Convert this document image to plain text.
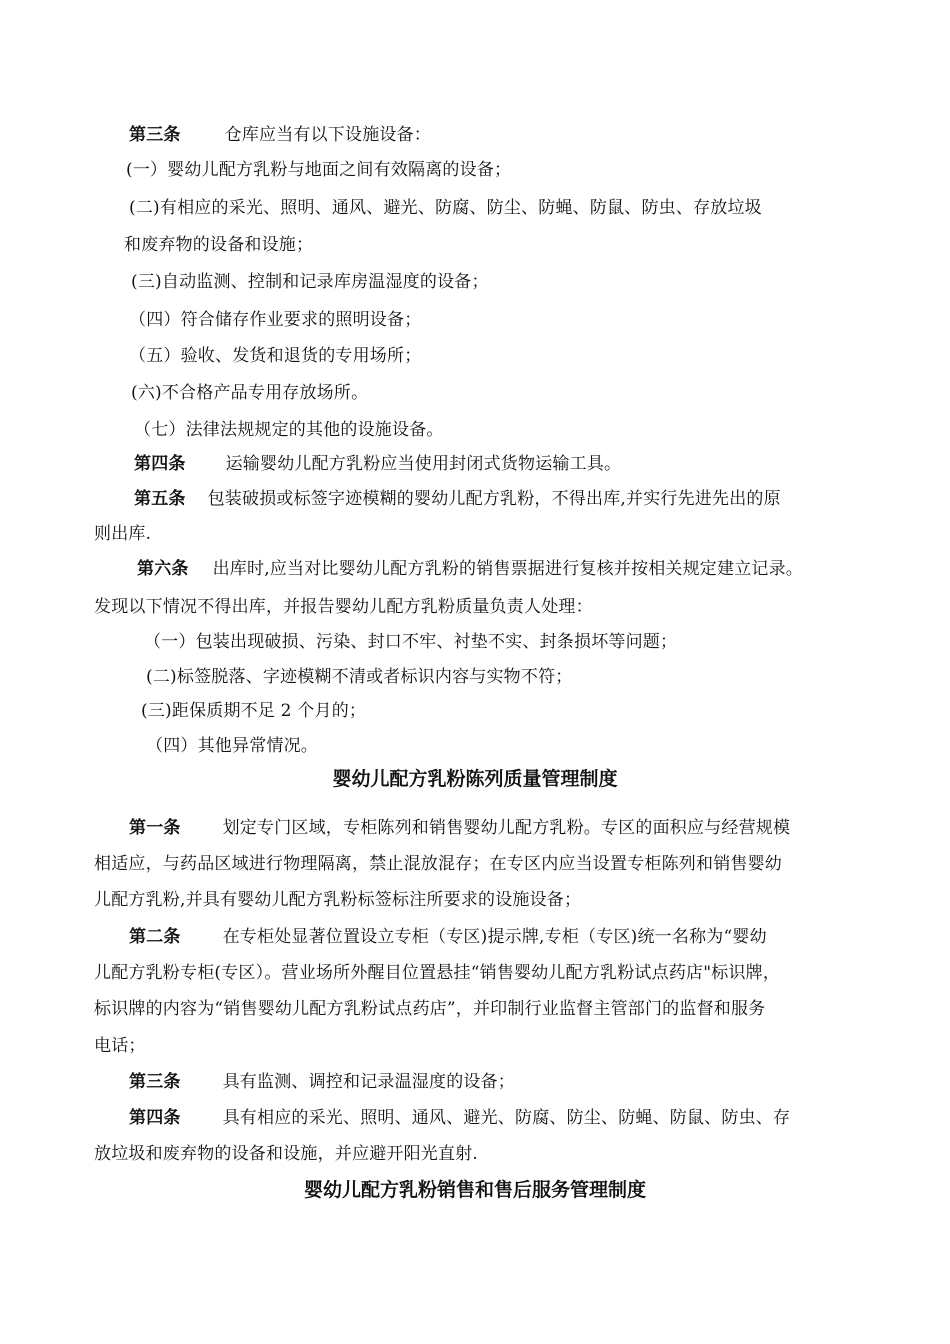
第三条	仓库应当有以下设施设备：
(一）婴幼儿配方乳粉与地面之间有效隔离的设备；
(二)有相应的采光、照明、通风、避光、防腐、防尘、防蝇、防鼠、防虫、存放垃圾
和废弃物的设备和设施；
(三)自动监测、控制和记录库房温湿度的设备；
（四）符合储存作业要求的照明设备；
（五）验收、发货和退货的专用场所；
(六)不合格产品专用存放场所。
（七）法律法规规定的其他的设施设备。
第四条 运输婴幼儿配方乳粉应当使用封闭式货物运输工具。
第五条 包装破损或标签字迹模糊的婴幼儿配方乳粉，不得出库,并实行先进先出的原
则出库.
第六条 出库时,应当对比婴幼儿配方乳粉的销售票据进行复核并按相关规定建立记录。
发现以下情况不得出库，并报告婴幼儿配方乳粉质量负责人处理：
（一）包装出现破损、污染、封口不牢、衬垫不实、封条损坏等问题；
(二)标签脱落、字迹模糊不清或者标识内容与实物不符；
(三)距保质期不足 2 个月的；
（四）其他异常情况。
婴幼儿配方乳粉陈列质量管理制度
第一条 划定专门区域，专柜陈列和销售婴幼儿配方乳粉。专区的面积应与经营规模
相适应，与药品区域进行物理隔离，禁止混放混存；在专区内应当设置专柜陈列和销售婴幼
儿配方乳粉,并具有婴幼儿配方乳粉标签标注所要求的设施设备；
第二条 在专柜处显著位置设立专柜（专区)提示牌,专柜（专区)统一名称为“婴幼
儿配方乳粉专柜(专区）。营业场所外醒目位置悬挂“销售婴幼儿配方乳粉试点药店"标识牌，
标识牌的内容为“销售婴幼儿配方乳粉试点药店”，并印制行业监督主管部门的监督和服务
电话；
第三条 具有监测、调控和记录温湿度的设备；
第四条 具有相应的采光、照明、通风、避光、防腐、防尘、防蝇、防鼠、防虫、存
放垃圾和废弃物的设备和设施，并应避开阳光直射.
婴幼儿配方乳粉销售和售后服务管理制度
